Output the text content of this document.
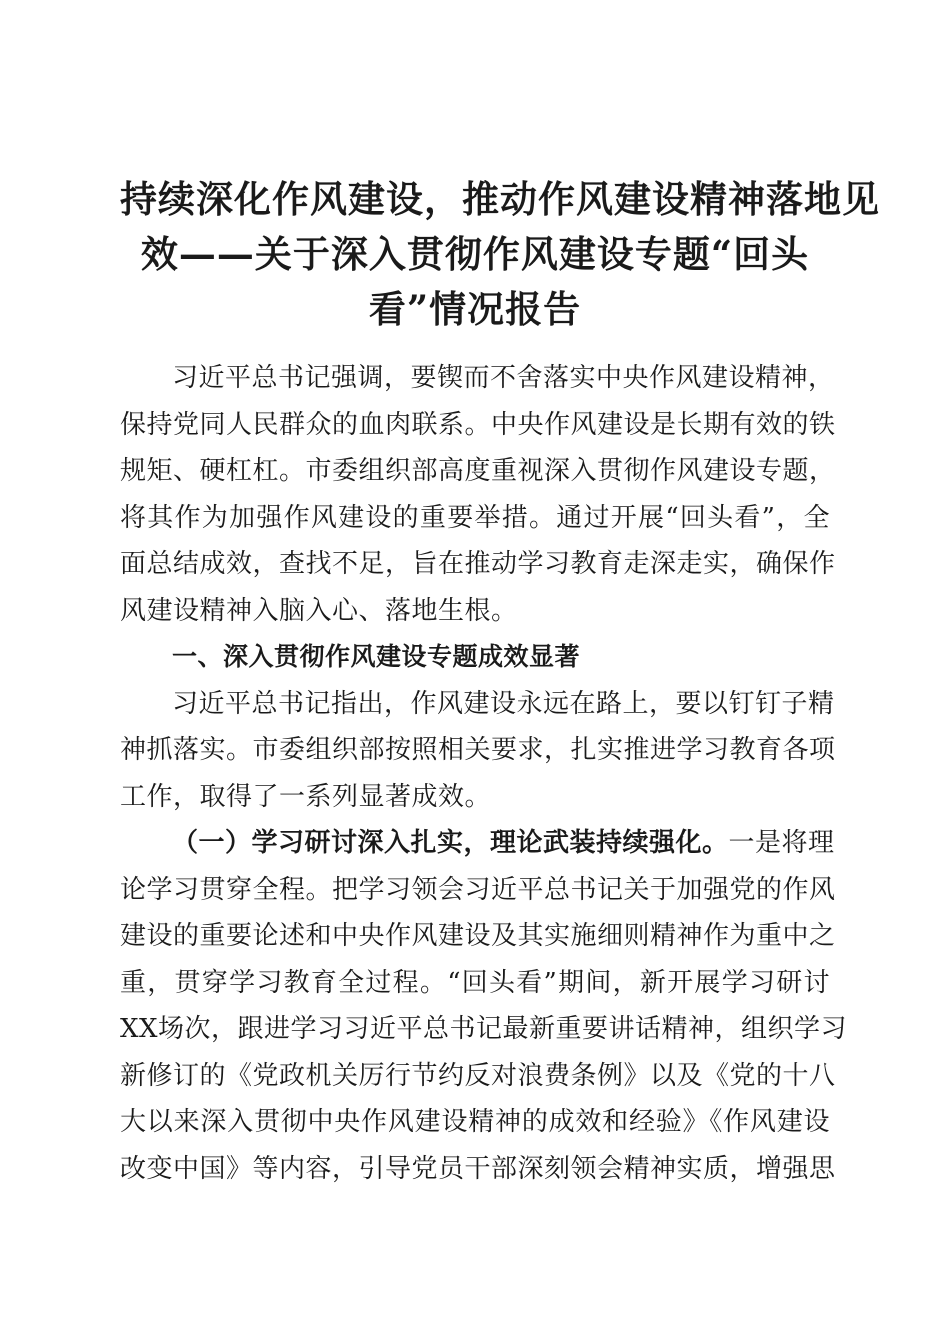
持续深化作风建设，推动作风建设精神落地见
效——关于深入贯彻作风建设专题“回头
看”情况报告
习近平总书记强调，要锲而不舍落实中央作风建设精神，
保持党同人民群众的血肉联系。中央作风建设是长期有效的铁
规矩、硬杠杠。市委组织部高度重视深入贯彻作风建设专题，
将其作为加强作风建设的重要举措。通过开展“回头看”，全
面总结成效，查找不足，旨在推动学习教育走深走实，确保作
风建设精神入脑入心、落地生根。
一、深入贯彻作风建设专题成效显著
习近平总书记指出，作风建设永远在路上，要以钉钉子精
神抓落实。市委组织部按照相关要求，扎实推进学习教育各项
工作，取得了一系列显著成效。
（一）学习研讨深入扎实，理论武装持续强化。一是将理
论学习贯穿全程。把学习领会习近平总书记关于加强党的作风
建设的重要论述和中央作风建设及其实施细则精神作为重中之
重，贯穿学习教育全过程。“回头看”期间，新开展学习研讨
XX场次，跟进学习习近平总书记最新重要讲话精神，组织学习
新修订的《党政机关厉行节约反对浪费条例》以及《党的十八
大以来深入贯彻中央作风建设精神的成效和经验》《作风建设
改变中国》等内容，引导党员干部深刻领会精神实质，增强思
